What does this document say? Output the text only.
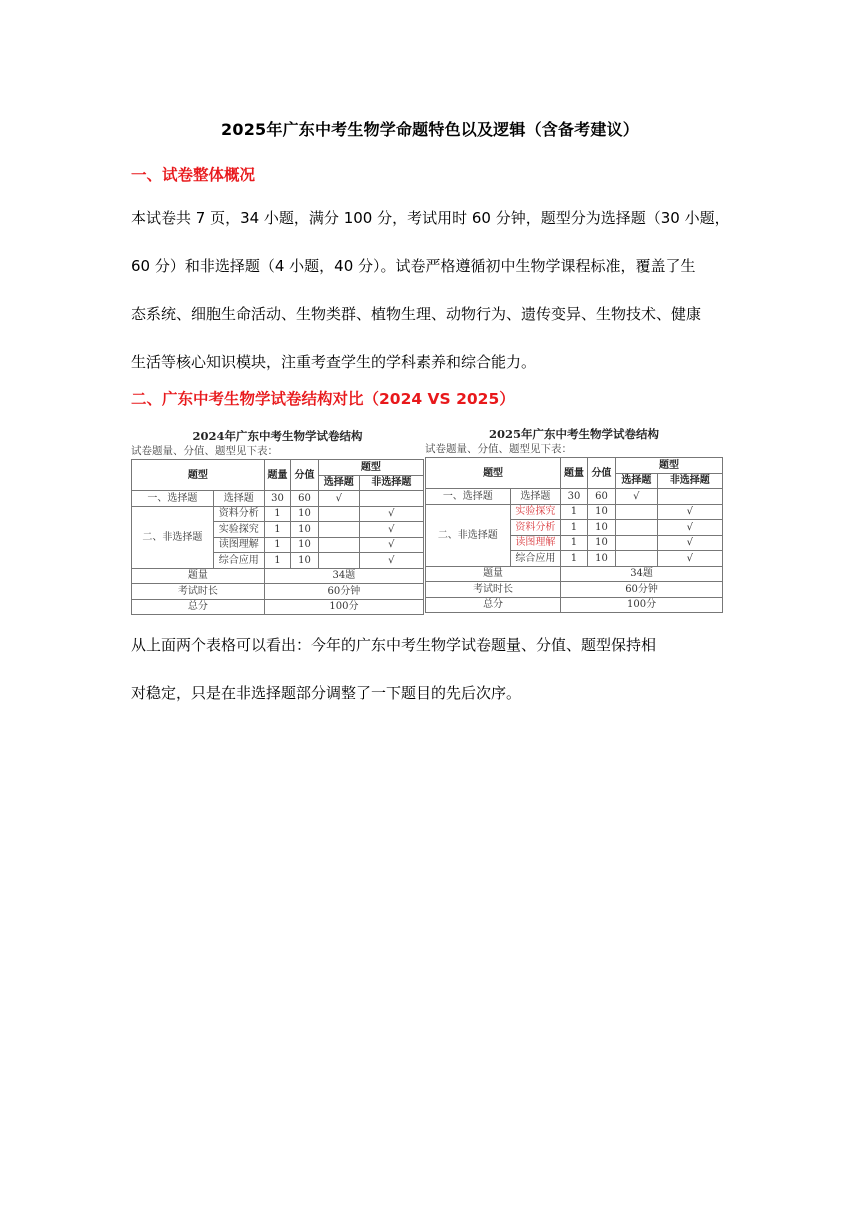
2025年广东中考生物学命题特色以及逻辑（含备考建议）
一、试卷整体概况
本试卷共 7 页，34 小题，满分 100 分，考试用时 60 分钟，题型分为选择题（30 小题，
60 分）和非选择题（4 小题，40 分）。试卷严格遵循初中生物学课程标准，覆盖了生
态系统、细胞生命活动、生物类群、植物生理、动物行为、遗传变异、生物技术、健康
生活等核心知识模块，注重考查学生的学科素养和综合能力。
二、广东中考生物学试卷结构对比（2024 VS 2025）
2024年广东中考生物学试卷结构
试卷题量、分值、题型见下表：
题型		题量	分值	题型	
				选择题	非选择题
一、选择题	选择题	30	60	√	
二、非选择题	资料分析	1	10		√
	实验探究	1	10		√
	读图理解	1	10		√
	综合应用	1	10		√
题量		34题			
考试时长		60分钟			
总分		100分			
2025年广东中考生物学试卷结构
试卷题量、分值、题型见下表：
题型		题量	分值	题型	
				选择题	非选择题
一、选择题	选择题	30	60	√	
二、非选择题	实验探究	1	10		√
	资料分析	1	10		√
	读图理解	1	10		√
	综合应用	1	10		√
题量		34题			
考试时长		60分钟			
总分		100分			
从上面两个表格可以看出：今年的广东中考生物学试卷题量、分值、题型保持相
对稳定，只是在非选择题部分调整了一下题目的先后次序。
